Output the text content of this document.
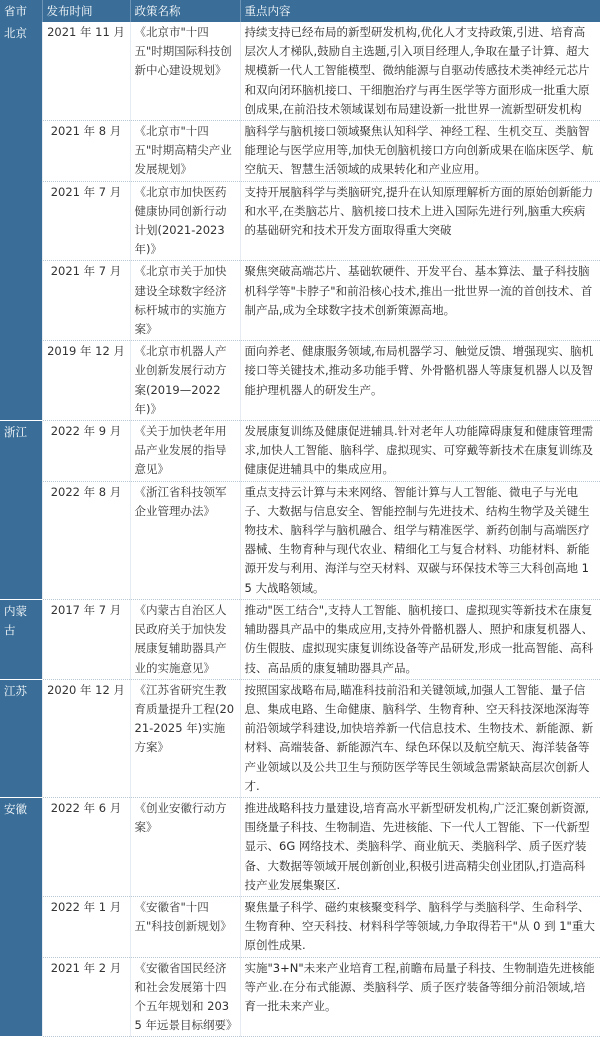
省市	发布时间	政策名称	重点内容
北京	2021 年 11 月	《北京市"十四五"时期国际科技创新中心建设规划》	持续支持已经布局的新型研发机构,优化人才支持政策,引进、培育高层次人才梯队,鼓励自主选题,引入项目经理人,争取在量子计算、超大规模新一代人工智能模型、微纳能源与自驱动传感技术类神经元芯片和双向闭环脑机接口、干细胞治疗与再生医学等方面形成一批重大原创成果,在前沿技术领域谋划布局建设新一批世界一流新型研发机构
	2021 年 8 月	《北京市"十四五"时期高精尖产业发展规划》	脑科学与脑机接口领域聚焦认知科学、神经工程、生机交互、类脑智能理论与医学应用等,加快无创脑机接口方向创新成果在临床医学、航空航天、智慧生活领域的成果转化和产业应用。
	2021 年 7 月	《北京市加快医药健康协同创新行动计划(2021-2023 年)》	支持开展脑科学与类脑研究,提升在认知原理解析方面的原始创新能力和水平,在类脑芯片、脑机接口技术上进入国际先进行列,脑重大疾病的基础研究和技术开发方面取得重大突破
	2021 年 7 月	《北京市关于加快建设全球数字经济标杆城市的实施方案》	聚焦突破高端芯片、基础软硬件、开发平台、基本算法、量子科技脑机科学等"卡脖子"和前沿核心技术,推出一批世界一流的首创技术、首制产品,成为全球数字技术创新策源高地。
	2019 年 12 月	《北京市机器人产业创新发展行动方案(2019—2022 年)》	面向养老、健康服务领域,布局机器学习、触觉反馈、增强现实、脑机接口等关键技术,推动多功能手臂、外骨骼机器人等康复机器人以及智能护理机器人的研发生产。
浙江	2022 年 9 月	《关于加快老年用品产业发展的指导意见》	发展康复训练及健康促进辅具.针对老年人功能障碍康复和健康管理需求,加快人工智能、脑科学、虚拟现实、可穿戴等新技术在康复训练及健康促进辅具中的集成应用。
	2022 年 8 月	《浙江省科技领军企业管理办法》	重点支持云计算与未来网络、智能计算与人工智能、微电子与光电子、大数据与信息安全、智能控制与先进技术、结构生物学及关键生物技术、脑科学与脑机融合、组学与精准医学、新药创制与高端医疗器械、生物育种与现代农业、精细化工与复合材料、功能材料、新能源开发与利用、海洋与空天材料、双碳与环保技术等三大科创高地 15 大战略领域。
内蒙古	2017 年 7 月	《内蒙古自治区人民政府关于加快发展康复辅助器具产业的实施意见》	推动"医工结合",支持人工智能、脑机接口、虚拟现实等新技术在康复辅助器具产品中的集成应用,支持外骨骼机器人、照护和康复机器人、仿生假肢、虚拟现实康复训练设备等产品研发,形成一批高智能、高科技、高品质的康复辅助器具产品。
江苏	2020 年 12 月	《江苏省研究生教育质量提升工程(2021-2025 年)实施方案》	按照国家战略布局,瞄准科技前沿和关键领域,加强人工智能、量子信息、集成电路、生命健康、脑科学、生物育种、空天科技深地深海等前沿领域学科建设,加快培养新一代信息技术、生物技术、新能源、新材料、高端装备、新能源汽车、绿色环保以及航空航天、海洋装备等产业领域以及公共卫生与预防医学等民生领域急需紧缺高层次创新人才.
安徽	2022 年 6 月	《创业安徽行动方案》	推进战略科技力量建设,培育高水平新型研发机构,广泛汇聚创新资源,围绕量子科技、生物制造、先进核能、下一代人工智能、下一代新型显示、6G 网络技术、类脑科学、商业航天、类脑科学、质子医疗装备、大数据等领域开展创新创业,积极引进高精尖创业团队,打造高科技产业发展集聚区.
	2022 年 1 月	《安徽省"十四五"科技创新规划》	聚焦量子科学、磁约束核聚变科学、脑科学与类脑科学、生命科学、生物育种、空天科技、材料科学等领域,力争取得若干"从 0 到 1"重大原创性成果.
	2021 年 2 月	《安徽省国民经济和社会发展第十四个五年规划和 2035 年远景目标纲要》	实施"3+N"未来产业培育工程,前瞻布局量子科技、生物制造先进核能等产业.在分布式能源、类脑科学、质子医疗装备等细分前沿领域,培育一批未来产业。
